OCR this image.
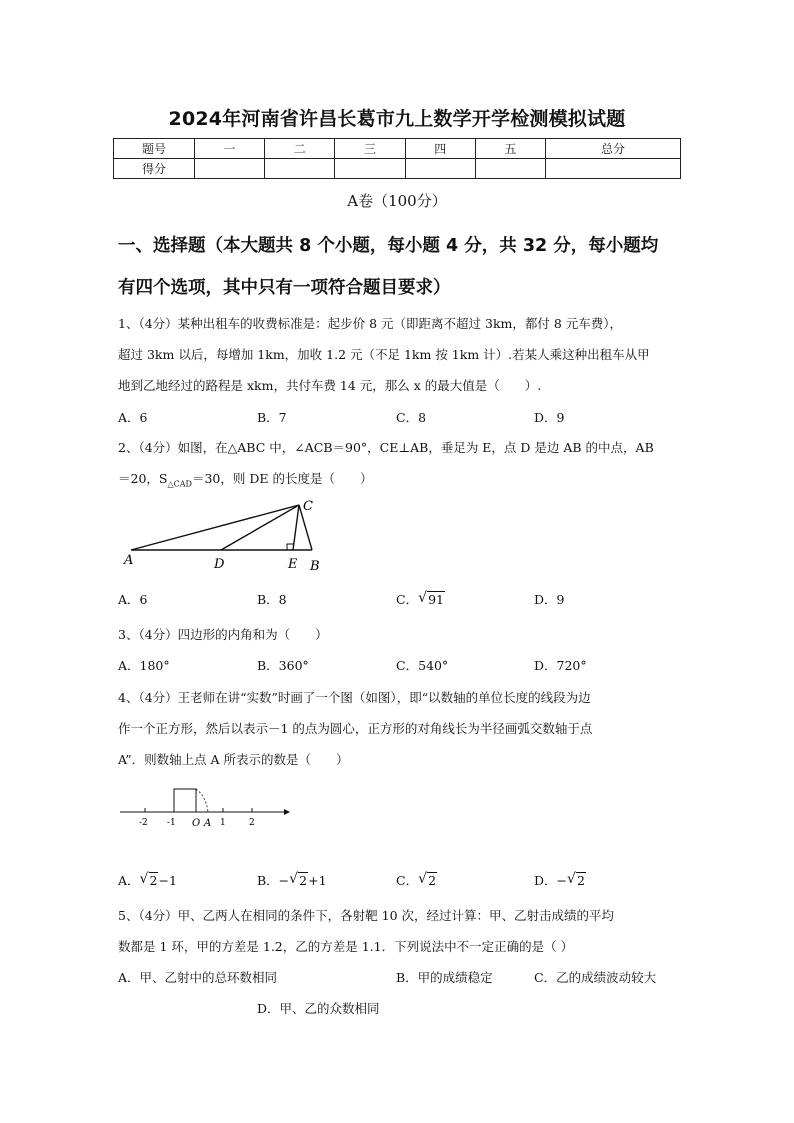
2024年河南省许昌长葛市九上数学开学检测模拟试题
题号	一	二	三	四	五	总分
得分						
A卷（100分）
一、选择题（本大题共 8 个小题，每小题 4 分，共 32 分，每小题均
有四个选项，其中只有一项符合题目要求）
1、（4分）某种出租车的收费标准是：起步价 8 元（即距离不超过 3km，都付 8 元车费），
超过 3km 以后，每增加 1km，加收 1.2 元（不足 1km 按 1km 计）.若某人乘这种出租车从甲
地到乙地经过的路程是 xkm，共付车费 14 元，那么 x 的最大值是（　　）.
A．6	B．7	C．8	D．9
2、（4分）如图，在△ABC 中，∠ACB＝90°，CE⊥AB，垂足为 E，点 D 是边 AB 的中点，AB
＝20，$S_{\triangle CAD}=30$，则 DE 的长度是（　　）
A	D	E B
C
A．6	B．8	C． √ 91	D．9
3、（4分）四边形的内角和为（　　）
A．180°	B．360°	C．540°	D．720°
4、（4分）王老师在讲“实数”时画了一个图（如图），即“以数轴的单位长度的线段为边
作一个正方形，然后以表示－1 的点为圆心，正方形的对角线长为半径画弧交数轴于点
A”．则数轴上点 A 所表示的数是（　　）
-2 -1 O A 1	2
A． √ 2−1	B．− √ 2+1	C． √ 2	D．− √ 2
5、（4分）甲、乙两人在相同的条件下，各射靶 10 次，经过计算：甲、乙射击成绩的平均
数都是 1 环，甲的方差是 1.2，乙的方差是 1.1．下列说法中不一定正确的是（ ）
A．甲、乙射中的总环数相同	B．甲的成绩稳定	C．乙的成绩波动较大
D．甲、乙的众数相同
